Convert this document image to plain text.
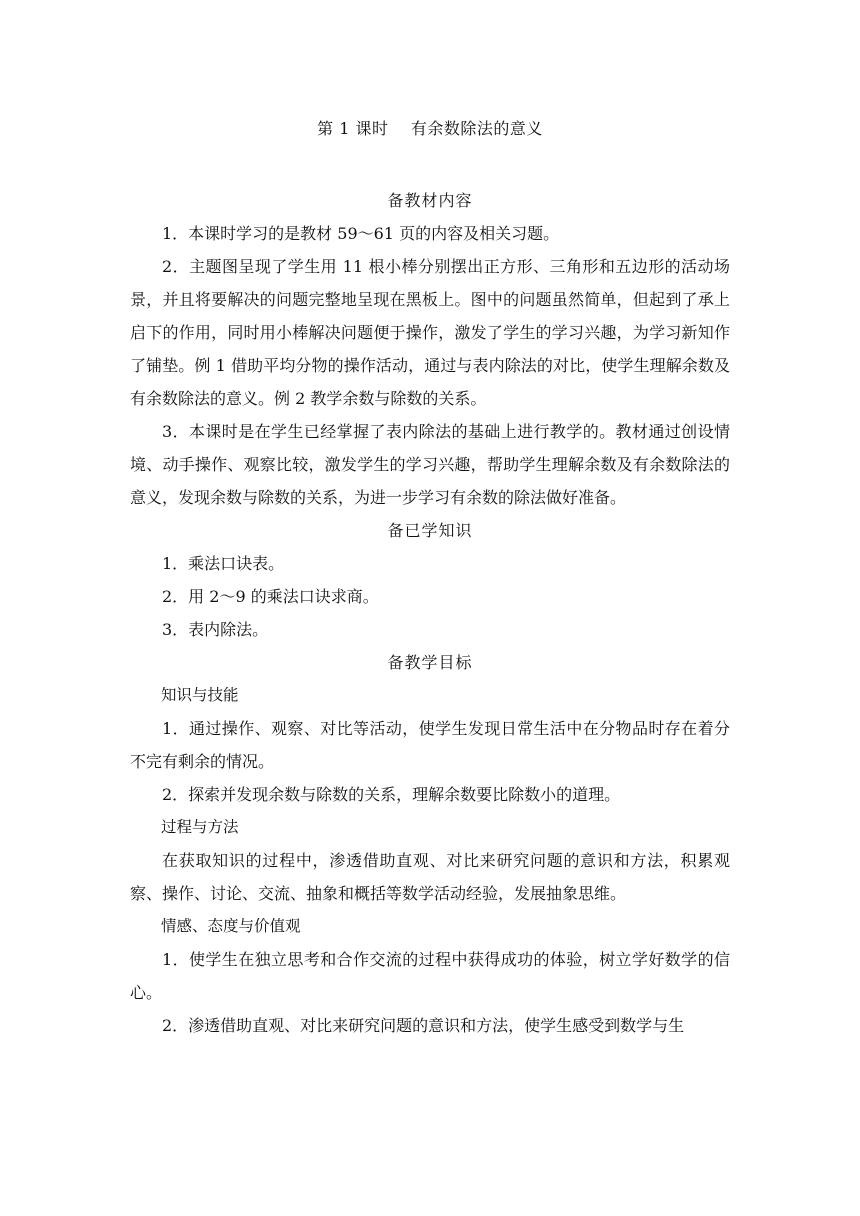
第 1 课时    有余数除法的意义
备教材内容

1．本课时学习的是教材 59～61 页的内容及相关习题。

2．主题图呈现了学生用 11 根小棒分别摆出正方形、三角形和五边形的活动场景，并且将要解决的问题完整地呈现在黑板上。图中的问题虽然简单，但起到了承上启下的作用，同时用小棒解决问题便于操作，激发了学生的学习兴趣，为学习新知作了铺垫。例 1 借助平均分物的操作活动，通过与表内除法的对比，使学生理解余数及有余数除法的意义。例 2 教学余数与除数的关系。

3．本课时是在学生已经掌握了表内除法的基础上进行教学的。教材通过创设情境、动手操作、观察比较，激发学生的学习兴趣，帮助学生理解余数及有余数除法的意义，发现余数与除数的关系，为进一步学习有余数的除法做好准备。

备已学知识

1．乘法口诀表。

2．用 2～9 的乘法口诀求商。

3．表内除法。

备教学目标
知识与技能

1．通过操作、观察、对比等活动，使学生发现日常生活中在分物品时存在着分不完有剩余的情况。

2．探索并发现余数与除数的关系，理解余数要比除数小的道理。

过程与方法

在获取知识的过程中，渗透借助直观、对比来研究问题的意识和方法，积累观察、操作、讨论、交流、抽象和概括等数学活动经验，发展抽象思维。

情感、态度与价值观

1．使学生在独立思考和合作交流的过程中获得成功的体验，树立学好数学的信心。

2．渗透借助直观、对比来研究问题的意识和方法，使学生感受到数学与生
